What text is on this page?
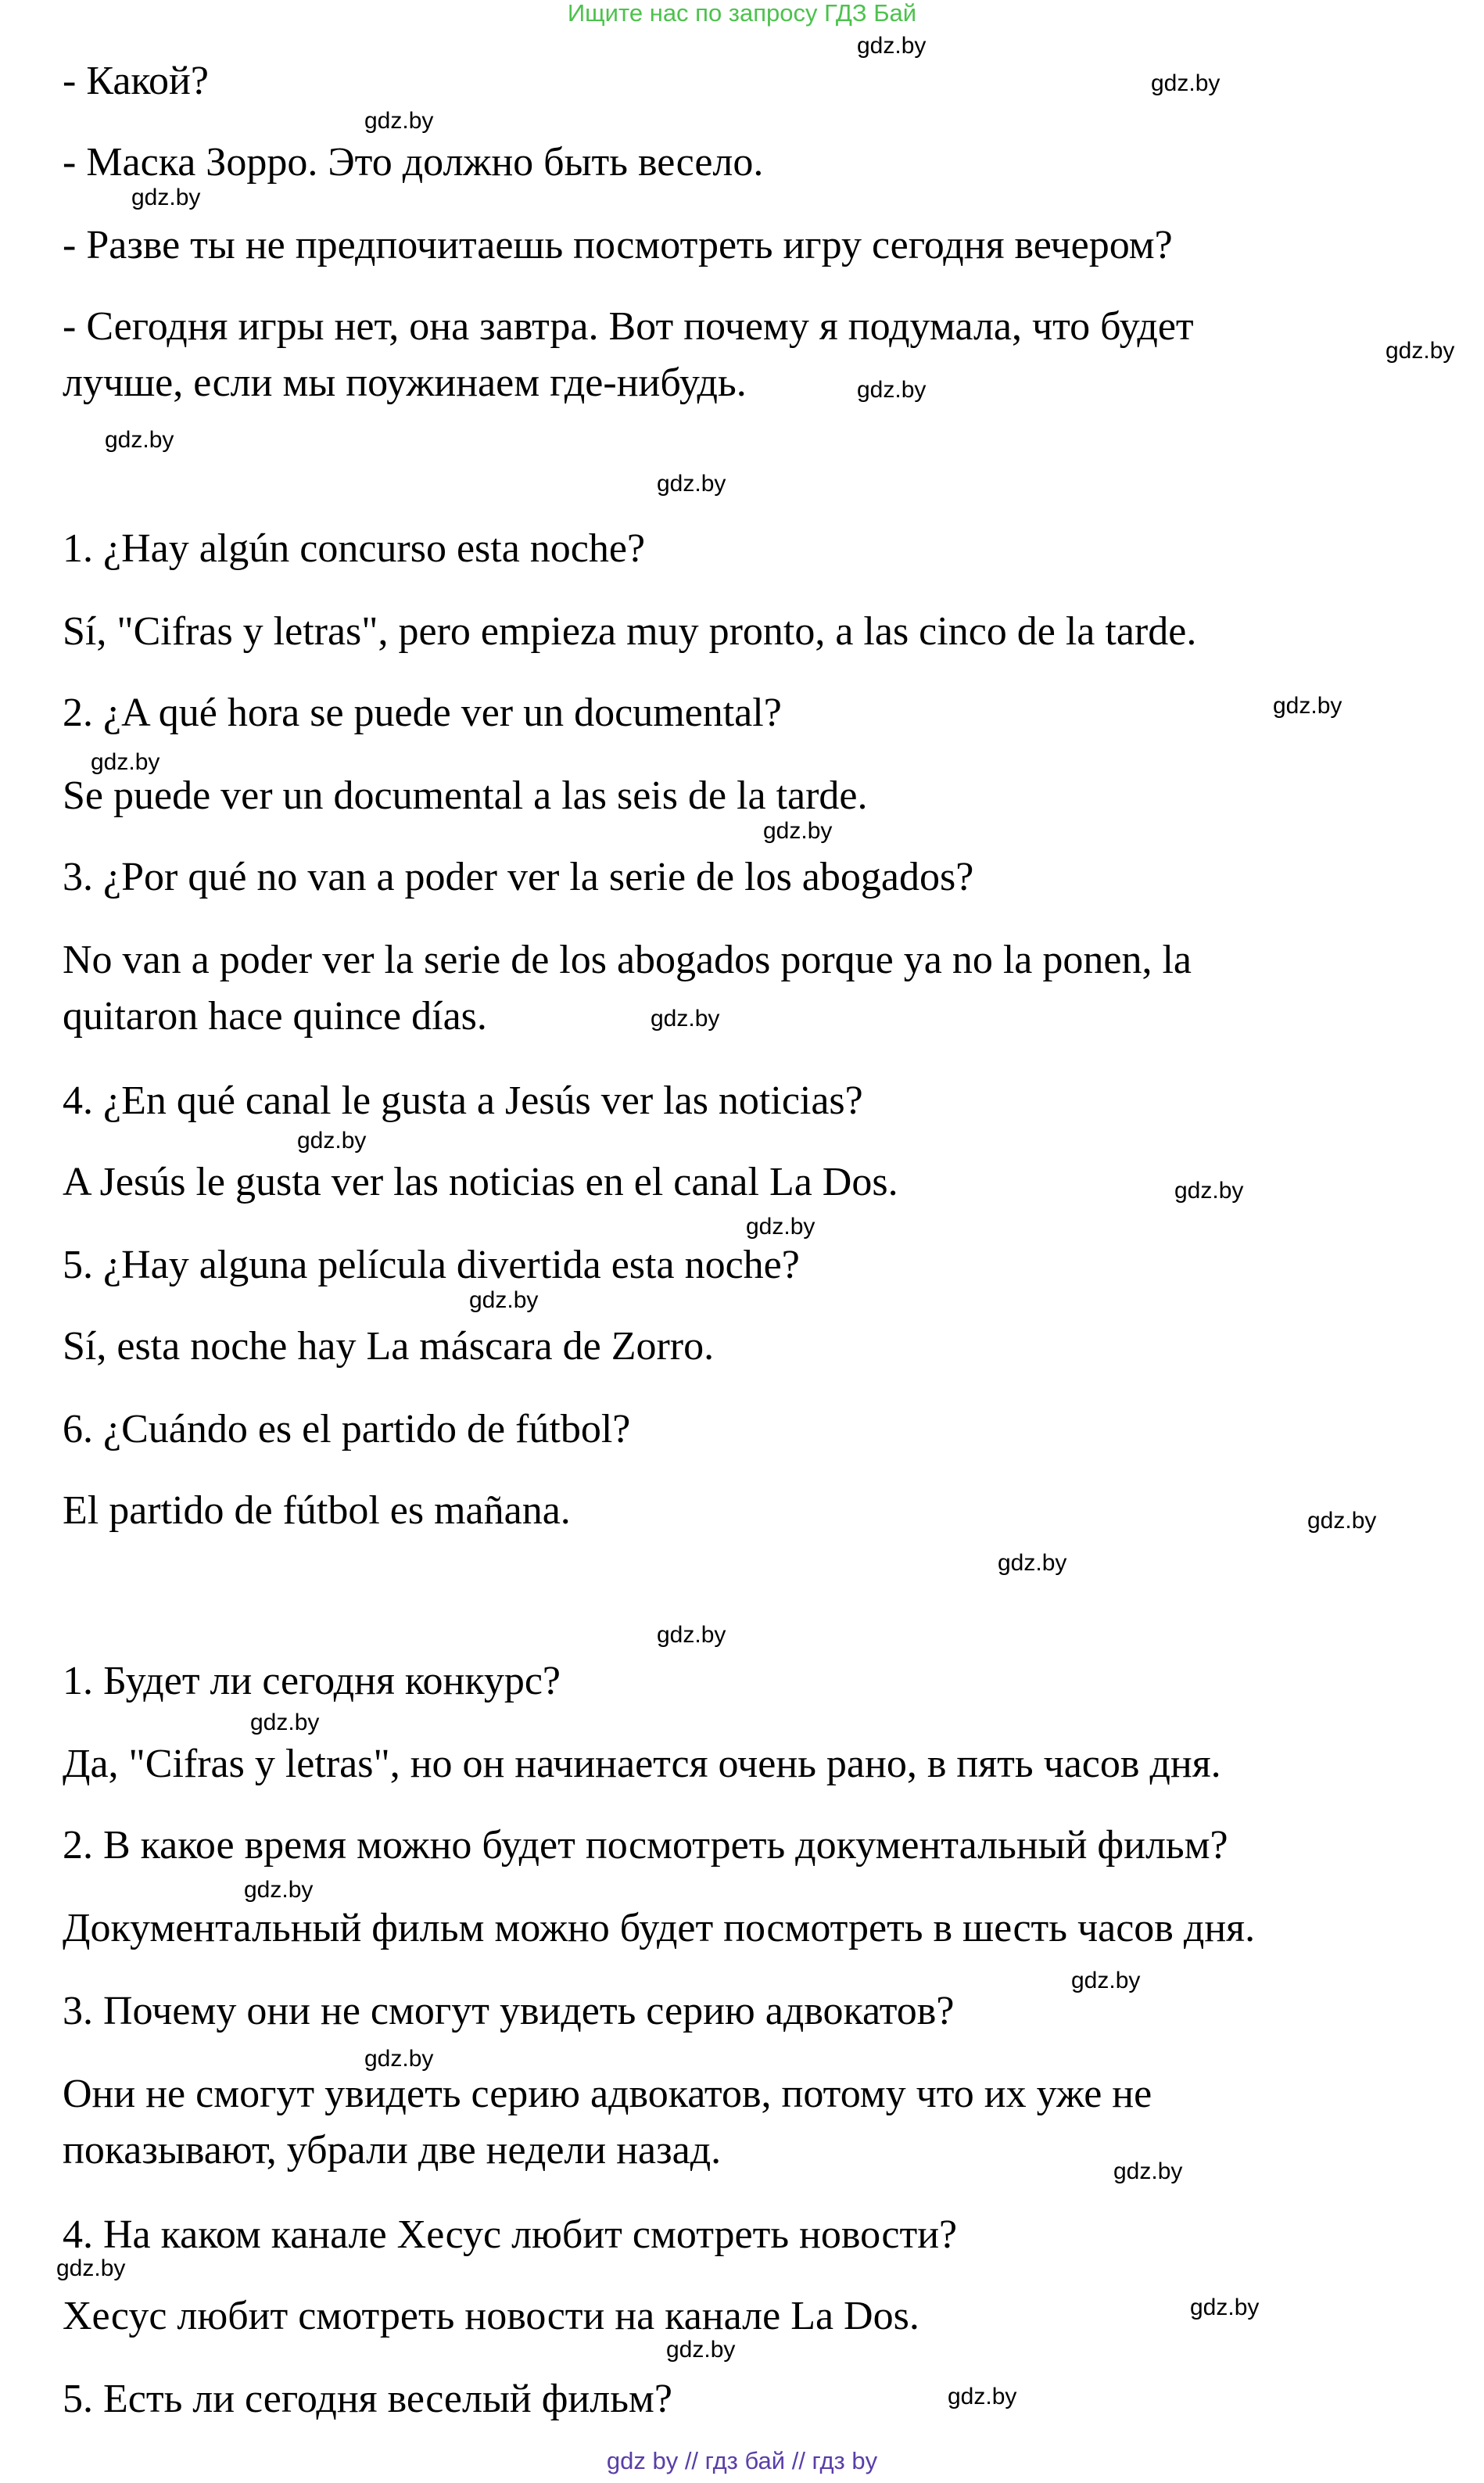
Ищите нас по запросу ГДЗ Бай
- Какой?
- Маска Зорро. Это должно быть весело.
- Разве ты не предпочитаешь посмотреть игру сегодня вечером?
- Сегодня игры нет, она завтра. Вот почему я подумала, что будет
лучше, если мы поужинаем где-нибудь.
1. ¿Hay algún concurso esta noche?
Sí, "Cifras y letras", pero empieza muy pronto, a las cinco de la tarde.
2. ¿A qué hora se puede ver un documental?
Se puede ver un documental a las seis de la tarde.
3. ¿Por qué no van a poder ver la serie de los abogados?
No van a poder ver la serie de los abogados porque ya no la ponen, la
quitaron hace quince días.
4. ¿En qué canal le gusta a Jesús ver las noticias?
A Jesús le gusta ver las noticias en el canal La Dos.
5. ¿Hay alguna película divertida esta noche?
Sí, esta noche hay La máscara de Zorro.
6. ¿Cuándo es el partido de fútbol?
El partido de fútbol es mañana.
1. Будет ли сегодня конкурс?
Да, "Cifras y letras", но он начинается очень рано, в пять часов дня.
2. В какое время можно будет посмотреть документальный фильм?
Документальный фильм можно будет посмотреть в шесть часов дня.
3. Почему они не смогут увидеть серию адвокатов?
Они не смогут увидеть серию адвокатов, потому что их уже не
показывают, убрали две недели назад.
4. На каком канале Хесус любит смотреть новости?
Хесус любит смотреть новости на канале La Dos.
5. Есть ли сегодня веселый фильм?
gdz.by
gdz.by
gdz.by
gdz.by
gdz.by
gdz.by
gdz.by
gdz.by
gdz.by
gdz.by
gdz.by
gdz.by
gdz.by
gdz.by
gdz.by
gdz.by
gdz.by
gdz.by
gdz.by
gdz.by
gdz.by
gdz.by
gdz.by
gdz.by
gdz.by
gdz.by
gdz.by
gdz.by
gdz by // гдз бай // гдз by
